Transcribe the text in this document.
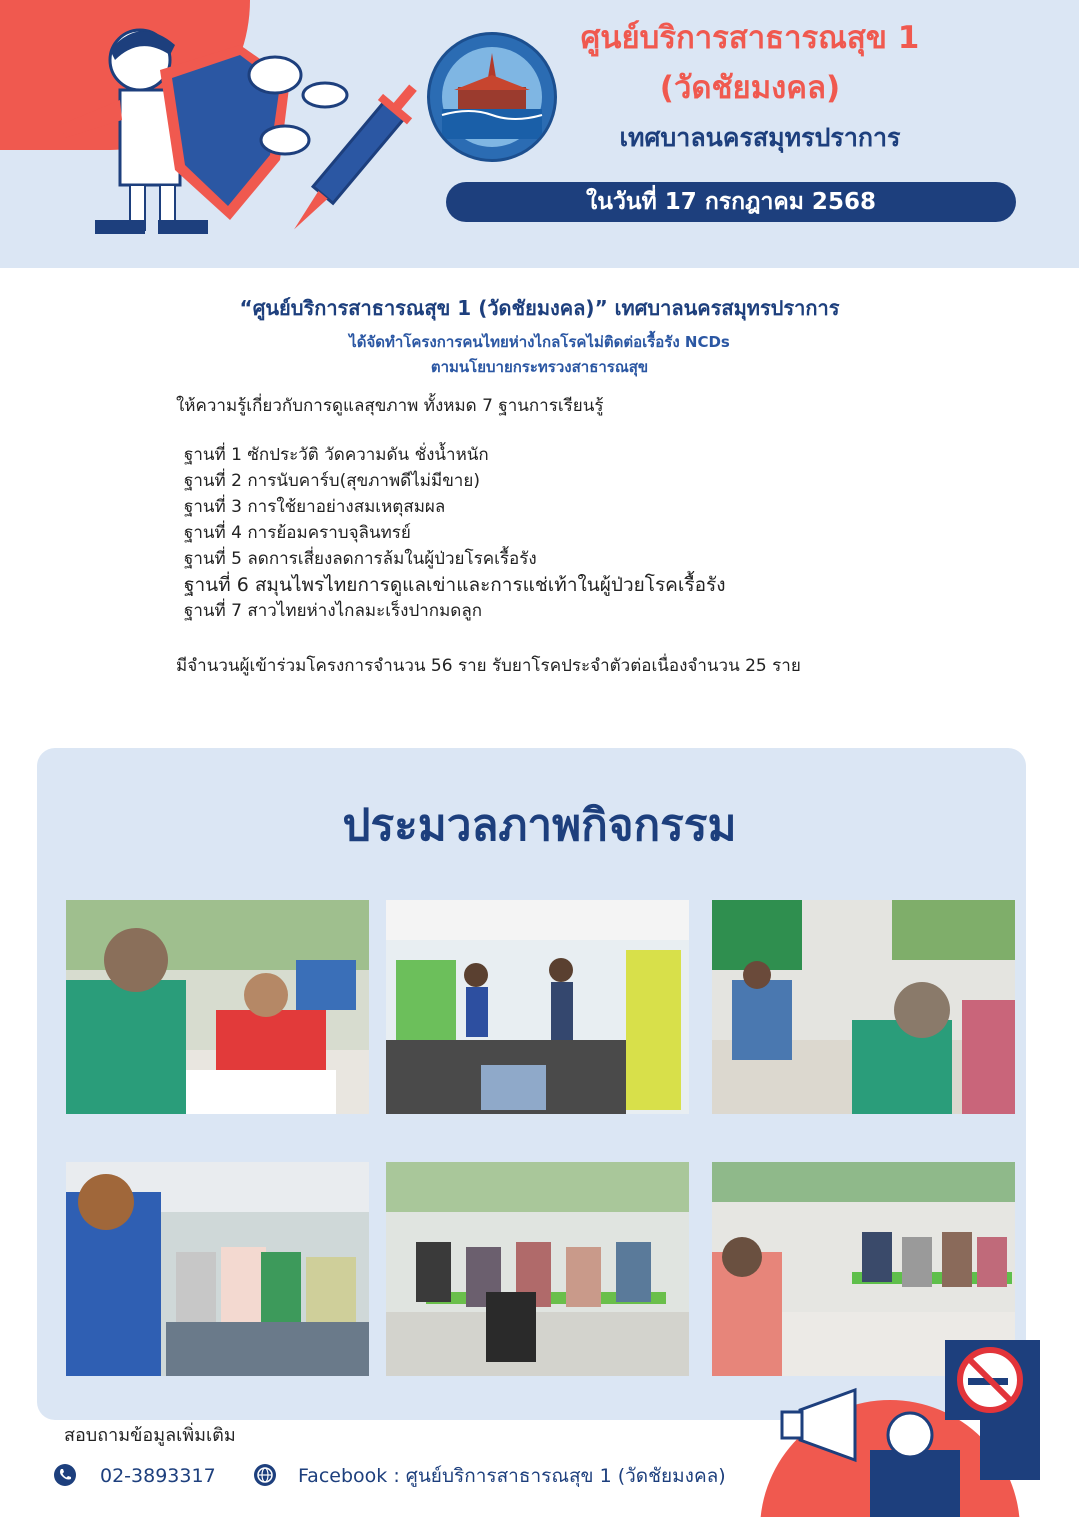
ศูนย์บริการสาธารณสุข 1
(วัดชัยมงคล)
เทศบาลนครสมุทรปราการ
ในวันที่ 17 กรกฎาคม 2568
“ศูนย์บริการสาธารณสุข 1 (วัดชัยมงคล)” เทศบาลนครสมุทรปราการ
ได้จัดทำโครงการคนไทยห่างไกลโรคไม่ติดต่อเรื้อรัง NCDs
ตามนโยบายกระทรวงสาธารณสุข
ให้ความรู้เกี่ยวกับการดูแลสุขภาพ ทั้งหมด 7 ฐานการเรียนรู้
ฐานที่ 1 ซักประวัติ วัดความดัน ชั่งน้ำหนัก
ฐานที่ 2 การนับคาร์บ(สุขภาพดีไม่มีขาย)
ฐานที่ 3 การใช้ยาอย่างสมเหตุสมผล
ฐานที่ 4 การย้อมคราบจุลินทรย์
ฐานที่ 5 ลดการเสี่ยงลดการล้มในผู้ป่วยโรคเรื้อรัง
ฐานที่ 6 สมุนไพรไทยการดูแลเข่าและการแช่เท้าในผู้ป่วยโรคเรื้อรัง
ฐานที่ 7 สาวไทยห่างไกลมะเร็งปากมดลูก
มีจำนวนผู้เข้าร่วมโครงการจำนวน 56 ราย รับยาโรคประจำตัวต่อเนื่องจำนวน 25 ราย
ประมวลภาพกิจกรรม
สอบถามข้อมูลเพิ่มเติม
02-3893317	Facebook : ศูนย์บริการสาธารณสุข 1 (วัดชัยมงคล)
